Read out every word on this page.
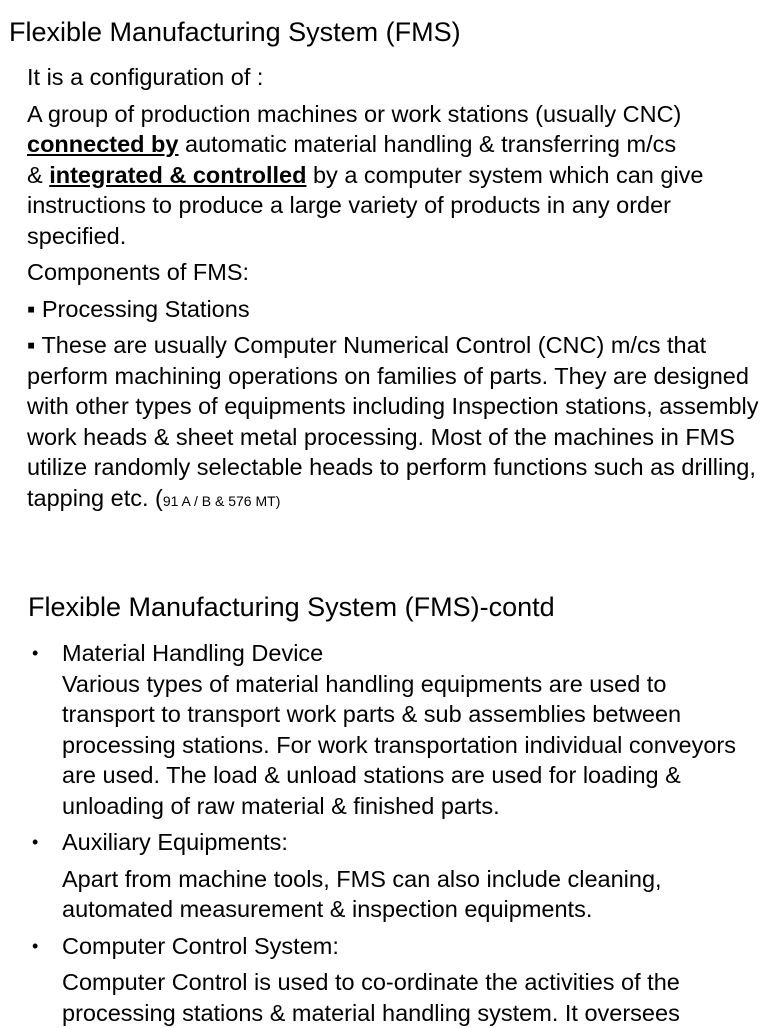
Flexible Manufacturing System (FMS)

It is a configuration of :

A group of production machines or work stations (usually CNC)
connected by automatic material handling & transferring m/cs
& integrated & controlled by a computer system which can give instructions to produce a large variety of products in any order specified.

Components of FMS:

▪ Processing Stations

▪ These are usually Computer Numerical Control (CNC) m/cs that perform machining operations on families of parts. They are designed with other types of equipments including Inspection stations, assembly work heads & sheet metal processing. Most of the machines in FMS utilize randomly selectable heads to perform functions such as drilling, tapping etc. (91 A / B & 576 MT)

Flexible Manufacturing System (FMS)-contd
• Material Handling Device
Various types of material handling equipments are used to transport to transport work parts & sub assemblies between processing stations. For work transportation individual conveyors are used. The load & unload stations are used for loading & unloading of raw material & finished parts.
• Auxiliary Equipments:
Apart from machine tools, FMS can also include cleaning, automated measurement & inspection equipments.
• Computer Control System:
Computer Control is used to co-ordinate the activities of the processing stations & material handling system. It oversees
